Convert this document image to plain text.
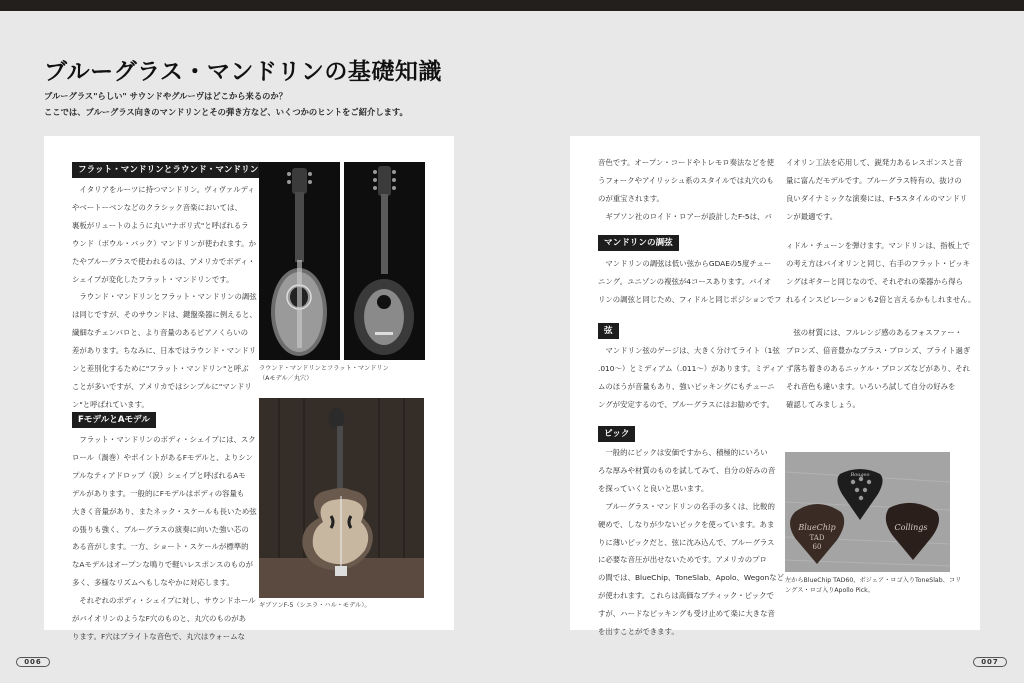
ブルーグラス・マンドリンの基礎知識
ブルーグラス"らしい" サウンドやグルーヴはどこから来るのか？
ここでは、ブルーグラス向きのマンドリンとその弾き方など、いくつかのヒントをご紹介します。
フラット・マンドリンとラウンド・マンドリン

イタリアをルーツに持つマンドリン。ヴィヴァルディ

やベートーベンなどのクラシック音楽においては、

裏板がリュートのように丸い"ナポリ式"と呼ばれるラ

ウンド（ボウル・バック）マンドリンが使われます。か

たやブルーグラスで使われるのは、アメリカでボディ・

シェイプが変化したフラット・マンドリンです。

ラウンド・マンドリンとフラット・マンドリンの調弦

は同じですが、そのサウンドは、鍵盤楽器に例えると、

繊細なチェンバロと、より音量のあるピアノくらいの

差があります。ちなみに、日本ではラウンド・マンドリ

ンと差別化するために"フラット・マンドリン"と呼ぶ

ことが多いですが、アメリカではシンプルに"マンドリ

ン"と呼ばれています。

ラウンド・マンドリンとフラット・マンドリン
（Aモデル／丸穴）
FモデルとAモデル

フラット・マンドリンのボディ・シェイプには、スク

ロール（渦巻）やポイントがあるFモデルと、よりシン

プルなティアドロップ（涙）シェイプと呼ばれるAモ

デルがあります。一般的にFモデルはボディの容量も

大きく音量があり、またネック・スケールも長いため弦

の張りも強く、ブルーグラスの演奏に向いた強い芯の

ある音がします。一方、ショート・スケールが標準的

なAモデルはオープンな鳴りで軽いレスポンスのものが

多く、多様なリズムへもしなやかに対応します。

それぞれのボディ・シェイプに対し、サウンドホール

がバイオリンのようなF穴のものと、丸穴のものがあ

ります。F穴はブライトな音色で、丸穴はウォームな

ギブソンF-5（シエラ・ハル・モデル）。

音色です。オープン・コードやトレモロ奏法などを使

うフォークやアイリッシュ系のスタイルでは丸穴のも

のが重宝されます。

ギブソン社のロイド・ロアーが設計したF-5は、バ

イオリン工法を応用して、鋭発力あるレスポンスと音

量に富んだモデルです。ブルーグラス特有の、抜けの

良いダイナミックな演奏には、F-5スタイルのマンドリ

ンが最適です。

マンドリンの調弦

マンドリンの調弦は低い弦からGDAEの5度チュー

ニング。ユニゾンの複弦が4コースあります。バイオ

リンの調弦と同じため、フィドルと同じポジションでフ

ィドル・チューンを弾けます。マンドリンは、指板上で

の考え方はバイオリンと同じ、右手のフラット・ピッキ

ングはギターと同じなので、それぞれの楽器から得ら

れるインスピレーションも2倍と言えるかもしれません。

弦

マンドリン弦のゲージは、大きく分けてライト（1弦

.010〜）とミディアム（.011〜）があります。ミディア

ムのほうが音量もあり、強いピッキングにもチューニ

ングが安定するので、ブルーグラスにはお勧めです。

弦の材質には、フルレンジ感のあるフォスファー・

ブロンズ、倍音豊かなブラス・ブロンズ、ブライト過ぎ

ず落ち着きのあるニッケル・ブロンズなどがあり、それ

それ音色も違います。いろいろ試して自分の好みを

確認してみましょう。

ピック

一般的にピックは安価ですから、積極的にいろい

ろな厚みや材質のものを試してみて、自分の好みの音

を探っていくと良いと思います。

ブルーグラス・マンドリンの名手の多くは、比較的

硬めで、しなりが少ないピックを使っています。あま

りに薄いピックだと、弦に沈み込んで、ブルーグラス

に必要な音圧が出せないためです。アメリカのプロ

の間では、BlueChip、ToneSlab、Apolo、Wegonなど

が使われます。これらは高価なブティック・ピックで

すが、ハードなピッキングも受け止めて楽に大きな音

を出すことができます。

Bougeo
BlueChip
TAD
60
Collings
左からBlueChip TAD60、ボジェア・ロゴ入りToneSlab、コリ
ングス・ロゴ入りApollo Pick。
006	007
